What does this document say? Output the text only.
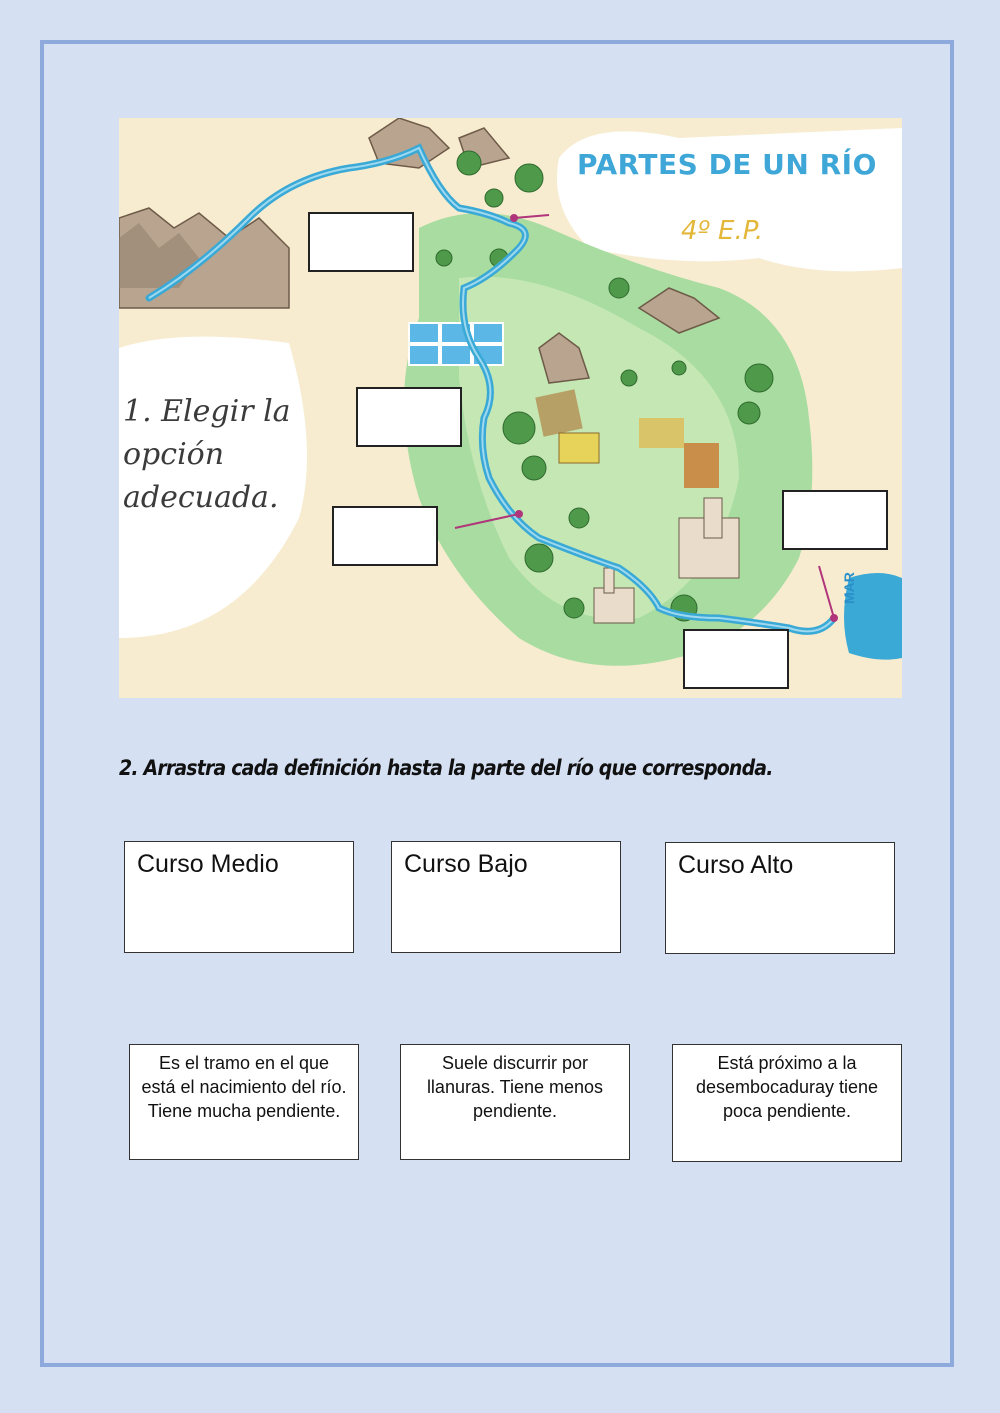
PARTES DE UN RÍO
4º E.P.
1. Elegir la opción adecuada.
MAR
2. Arrastra cada definición hasta la parte del río que corresponda.
Curso Medio	Curso Bajo	Curso Alto
Es el tramo en el que está el nacimiento del río. Tiene mucha pendiente.
Suele discurrir por llanuras. Tiene menos pendiente.
Está próximo a la desembocaduray tiene poca pendiente.
